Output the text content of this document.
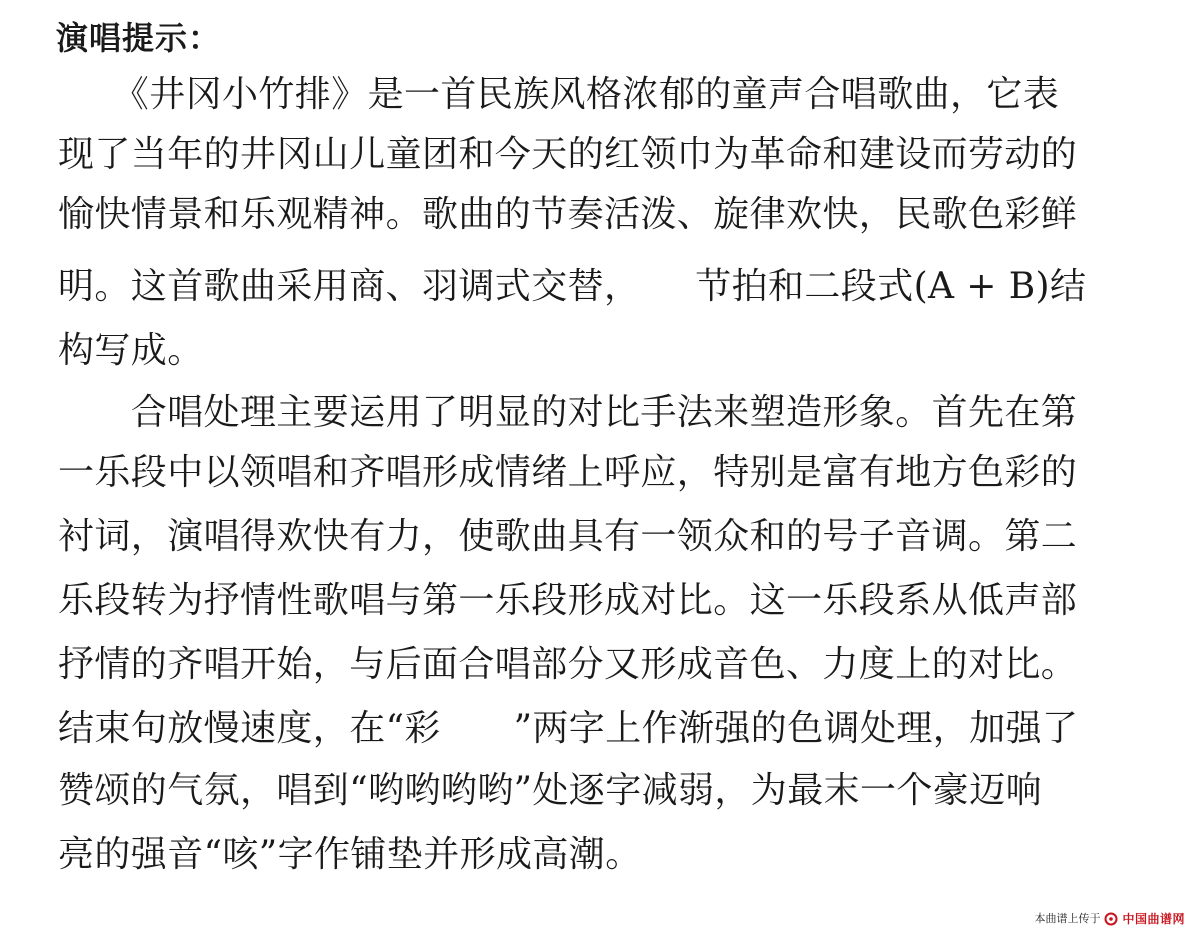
演唱提示：
　　《井冈小竹排》是一首民族风格浓郁的童声合唱歌曲，它表
现了当年的井冈山儿童团和今天的红领巾为革命和建设而劳动的
愉快情景和乐观精神。歌曲的节奏活泼、旋律欢快，民歌色彩鲜
明。这首歌曲采用商、羽调式交替，　　节拍和二段式(A + B)结
构写成。
　　合唱处理主要运用了明显的对比手法来塑造形象。首先在第
一乐段中以领唱和齐唱形成情绪上呼应，特别是富有地方色彩的
衬词，演唱得欢快有力，使歌曲具有一领众和的号子音调。第二
乐段转为抒情性歌唱与第一乐段形成对比。这一乐段系从低声部
抒情的齐唱开始，与后面合唱部分又形成音色、力度上的对比。
结束句放慢速度，在“彩　　”两字上作渐强的色调处理，加强了
赞颂的气氛，唱到“哟哟哟哟”处逐字减弱，为最末一个豪迈响
亮的强音“咳”字作铺垫并形成高潮。
本曲谱上传于 中国曲谱网
